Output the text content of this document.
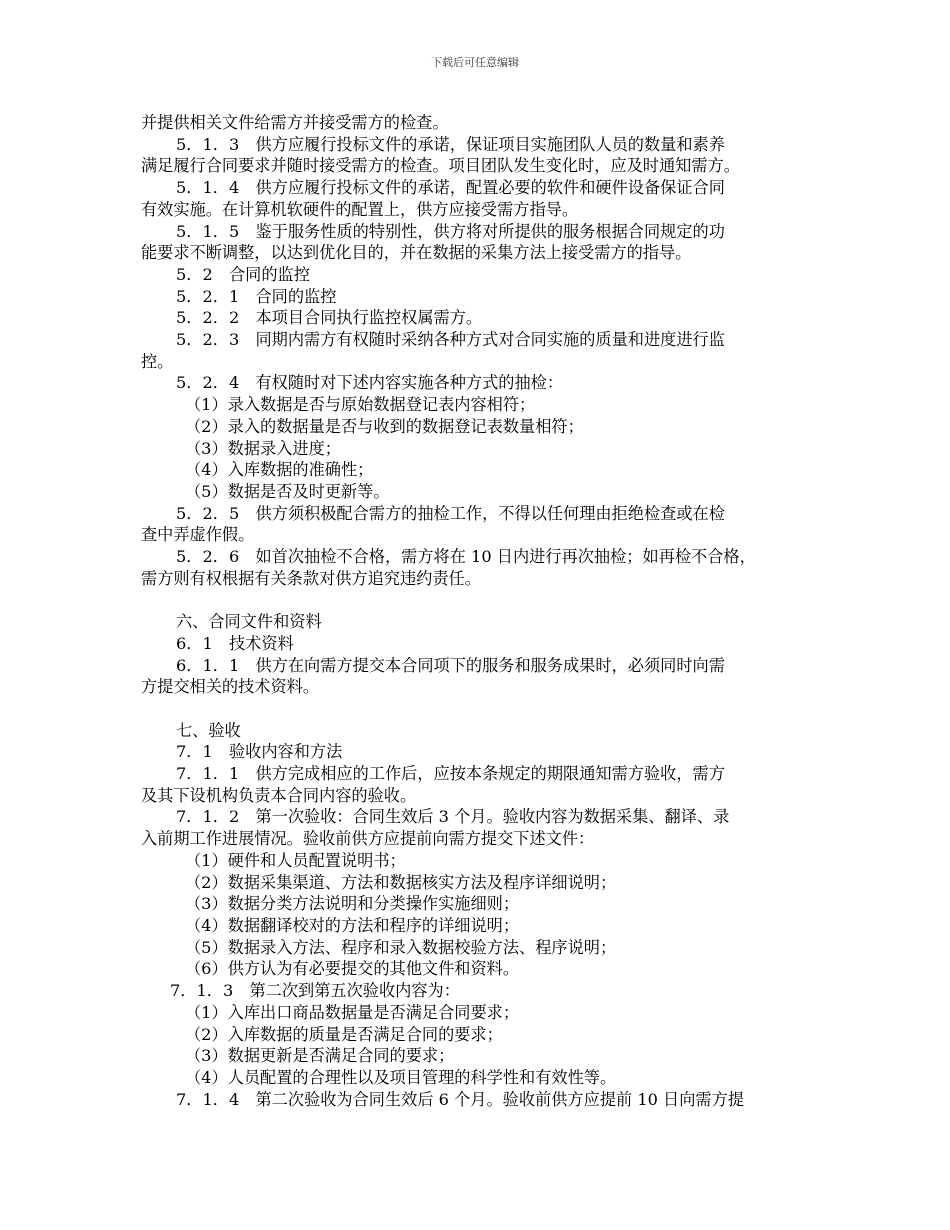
下载后可任意编辑
并提供相关文件给需方并接受需方的检查。
5．1．3　供方应履行投标文件的承诺，保证项目实施团队人员的数量和素养
满足履行合同要求并随时接受需方的检查。项目团队发生变化时，应及时通知需方。
5．1．4　供方应履行投标文件的承诺，配置必要的软件和硬件设备保证合同
有效实施。在计算机软硬件的配置上，供方应接受需方指导。
5．1．5　鉴于服务性质的特别性，供方将对所提供的服务根据合同规定的功
能要求不断调整，以达到优化目的，并在数据的采集方法上接受需方的指导。
5．2　合同的监控
5．2．1　合同的监控
5．2．2　本项目合同执行监控权属需方。
5．2．3　同期内需方有权随时采纳各种方式对合同实施的质量和进度进行监
控。
5．2．4　有权随时对下述内容实施各种方式的抽检：
（1）录入数据是否与原始数据登记表内容相符；
（2）录入的数据量是否与收到的数据登记表数量相符；
（3）数据录入进度；
（4）入库数据的准确性；
（5）数据是否及时更新等。
5．2．5　供方须积极配合需方的抽检工作，不得以任何理由拒绝检查或在检
查中弄虚作假。
5．2．6　如首次抽检不合格，需方将在 10 日内进行再次抽检；如再检不合格，
需方则有权根据有关条款对供方追究违约责任。
六、合同文件和资料
6．1　技术资料
6．1．1　供方在向需方提交本合同项下的服务和服务成果时，必须同时向需
方提交相关的技术资料。
七、验收
7．1　验收内容和方法
7．1．1　供方完成相应的工作后，应按本条规定的期限通知需方验收，需方
及其下设机构负责本合同内容的验收。
7．1．2　第一次验收：合同生效后 3 个月。验收内容为数据采集、翻译、录
入前期工作进展情况。验收前供方应提前向需方提交下述文件：
（1）硬件和人员配置说明书；
（2）数据采集渠道、方法和数据核实方法及程序详细说明；
（3）数据分类方法说明和分类操作实施细则；
（4）数据翻译校对的方法和程序的详细说明；
（5）数据录入方法、程序和录入数据校验方法、程序说明；
（6）供方认为有必要提交的其他文件和资料。
7．1．3　第二次到第五次验收内容为：
（1）入库出口商品数据量是否满足合同要求；
（2）入库数据的质量是否满足合同的要求；
（3）数据更新是否满足合同的要求；
（4）人员配置的合理性以及项目管理的科学性和有效性等。
7．1．4　第二次验收为合同生效后 6 个月。验收前供方应提前 10 日向需方提
